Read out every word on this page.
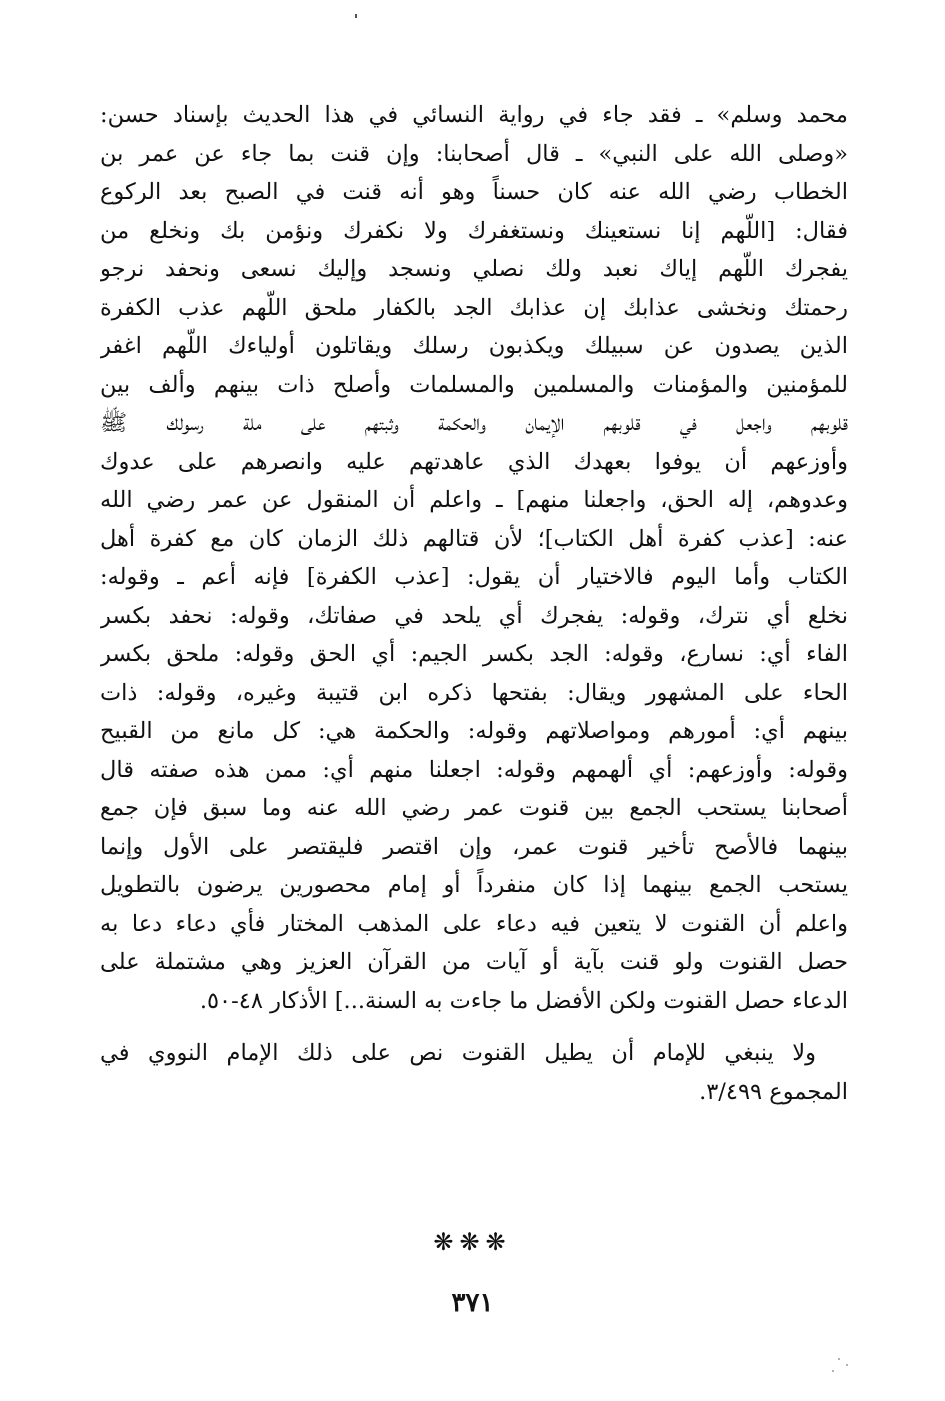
محمد وسلم» ـ فقد جاء في رواية النسائي في هذا الحديث بإسناد حسن:
«وصلى الله على النبي» ـ قال أصحابنا: وإن قنت بما جاء عن عمر بن
الخطاب رضي الله عنه كان حسناً وهو أنه قنت في الصبح بعد الركوع
فقال: [اللّهم إنا نستعينك ونستغفرك ولا نكفرك ونؤمن بك ونخلع من
يفجرك اللّهم إياك نعبد ولك نصلي ونسجد وإليك نسعى ونحفد نرجو
رحمتك ونخشى عذابك إن عذابك الجد بالكفار ملحق اللّهم عذب الكفرة
الذين يصدون عن سبيلك ويكذبون رسلك ويقاتلون أولياءك اللّهم اغفر
للمؤمنين والمؤمنات والمسلمين والمسلمات وأصلح ذات بينهم وألف بين
قلوبهم واجعل في قلوبهم الإيمان والحكمة وثبتهم على ملة رسولك ﷺ
وأوزعهم أن يوفوا بعهدك الذي عاهدتهم عليه وانصرهم على عدوك
وعدوهم، إله الحق، واجعلنا منهم] ـ واعلم أن المنقول عن عمر رضي الله
عنه: [عذب كفرة أهل الكتاب]؛ لأن قتالهم ذلك الزمان كان مع كفرة أهل
الكتاب وأما اليوم فالاختيار أن يقول: [عذب الكفرة] فإنه أعم ـ وقوله:
نخلع أي نترك، وقوله: يفجرك أي يلحد في صفاتك، وقوله: نحفد بكسر
الفاء أي: نسارع، وقوله: الجد بكسر الجيم: أي الحق وقوله: ملحق بكسر
الحاء على المشهور ويقال: بفتحها ذكره ابن قتيبة وغيره، وقوله: ذات
بينهم أي: أمورهم ومواصلاتهم وقوله: والحكمة هي: كل مانع من القبيح
وقوله: وأوزعهم: أي ألهمهم وقوله: اجعلنا منهم أي: ممن هذه صفته قال
أصحابنا يستحب الجمع بين قنوت عمر رضي الله عنه وما سبق فإن جمع
بينهما فالأصح تأخير قنوت عمر، وإن اقتصر فليقتصر على الأول وإنما
يستحب الجمع بينهما إذا كان منفرداً أو إمام محصورين يرضون بالتطويل
واعلم أن القنوت لا يتعين فيه دعاء على المذهب المختار فأي دعاء دعا به
حصل القنوت ولو قنت بآية أو آيات من القرآن العزيز وهي مشتملة على
الدعاء حصل القنوت ولكن الأفضل ما جاءت به السنة...] الأذكار ٤٨-٥٠.
ولا ينبغي للإمام أن يطيل القنوت نص على ذلك الإمام النووي في
المجموع ٣/٤٩٩.
❋❋❋
٣٧١
